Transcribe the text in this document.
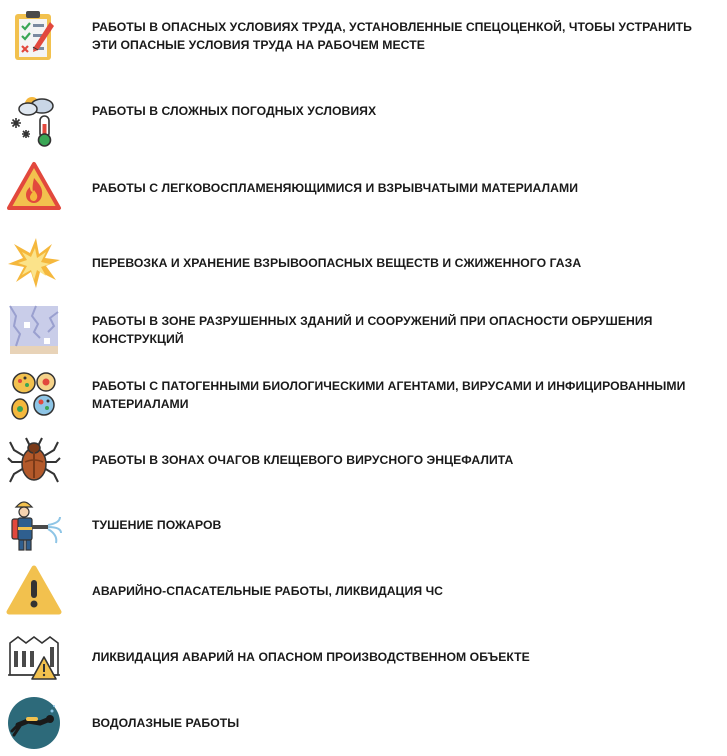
РАБОТЫ В ОПАСНЫХ УСЛОВИЯХ ТРУДА, УСТАНОВЛЕННЫЕ СПЕЦОЦЕНКОЙ, ЧТОБЫ УСТРАНИТЬ ЭТИ ОПАСНЫЕ УСЛОВИЯ ТРУДА НА РАБОЧЕМ МЕСТЕ
РАБОТЫ В СЛОЖНЫХ ПОГОДНЫХ УСЛОВИЯХ
РАБОТЫ С ЛЕГКОВОСПЛАМЕНЯЮЩИМИСЯ И ВЗРЫВЧАТЫМИ МАТЕРИАЛАМИ
ПЕРЕВОЗКА И ХРАНЕНИЕ ВЗРЫВООПАСНЫХ ВЕЩЕСТВ И СЖИЖЕННОГО ГАЗА
РАБОТЫ В ЗОНЕ РАЗРУШЕННЫХ ЗДАНИЙ И СООРУЖЕНИЙ ПРИ ОПАСНОСТИ ОБРУШЕНИЯ КОНСТРУКЦИЙ
РАБОТЫ С ПАТОГЕННЫМИ БИОЛОГИЧЕСКИМИ АГЕНТАМИ, ВИРУСАМИ И ИНФИЦИРОВАННЫМИ МАТЕРИАЛАМИ
РАБОТЫ В ЗОНАХ ОЧАГОВ КЛЕЩЕВОГО ВИРУСНОГО ЭНЦЕФАЛИТА
ТУШЕНИЕ ПОЖАРОВ
АВАРИЙНО-СПАСАТЕЛЬНЫЕ РАБОТЫ, ЛИКВИДАЦИЯ ЧС
ЛИКВИДАЦИЯ АВАРИЙ НА ОПАСНОМ ПРОИЗВОДСТВЕННОМ ОБЪЕКТЕ
ВОДОЛАЗНЫЕ РАБОТЫ
